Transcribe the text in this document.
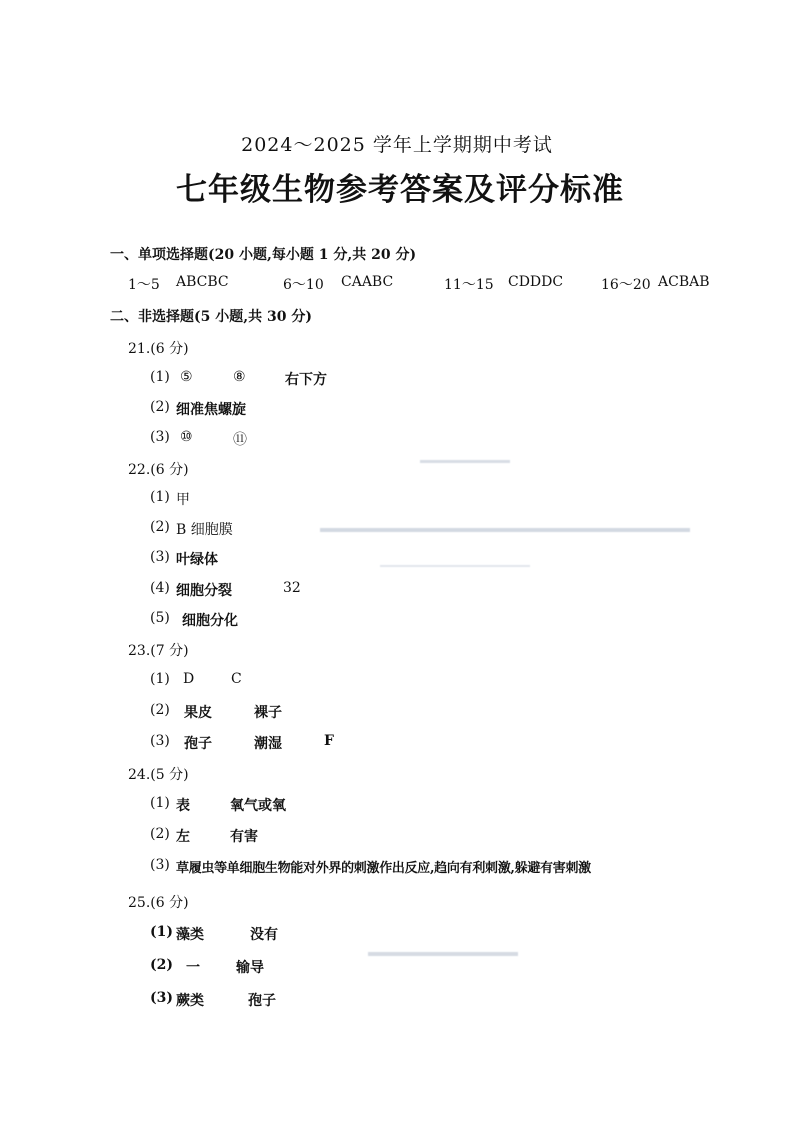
2024～2025 学年上学期期中考试
七年级生物参考答案及评分标准
一、单项选择题(20 小题,每小题 1 分,共 20 分)
1～5 ABCBC	6～10 CAABC	11～15 CDDDC	16～20 ACBAB
二、非选择题(5 小题,共 30 分)
21.(6 分)
(1) ⑤	⑧	右下方
(2) 细准焦螺旋
(3) ⑩	⑪
22.(6 分)
(1) 甲
(2) B 细胞膜
(3) 叶绿体
(4) 细胞分裂	32
(5) 细胞分化
23.(7 分)
(1) D	C
(2) 果皮	裸子
(3) 孢子	潮湿	F
24.(5 分)
(1) 表	氧气或氧
(2) 左	有害
(3) 草履虫等单细胞生物能对外界的刺激作出反应,趋向有利刺激,躲避有害刺激
25.(6 分)
(1) 藻类	没有
(2) 一	输导
(3) 蕨类	孢子
